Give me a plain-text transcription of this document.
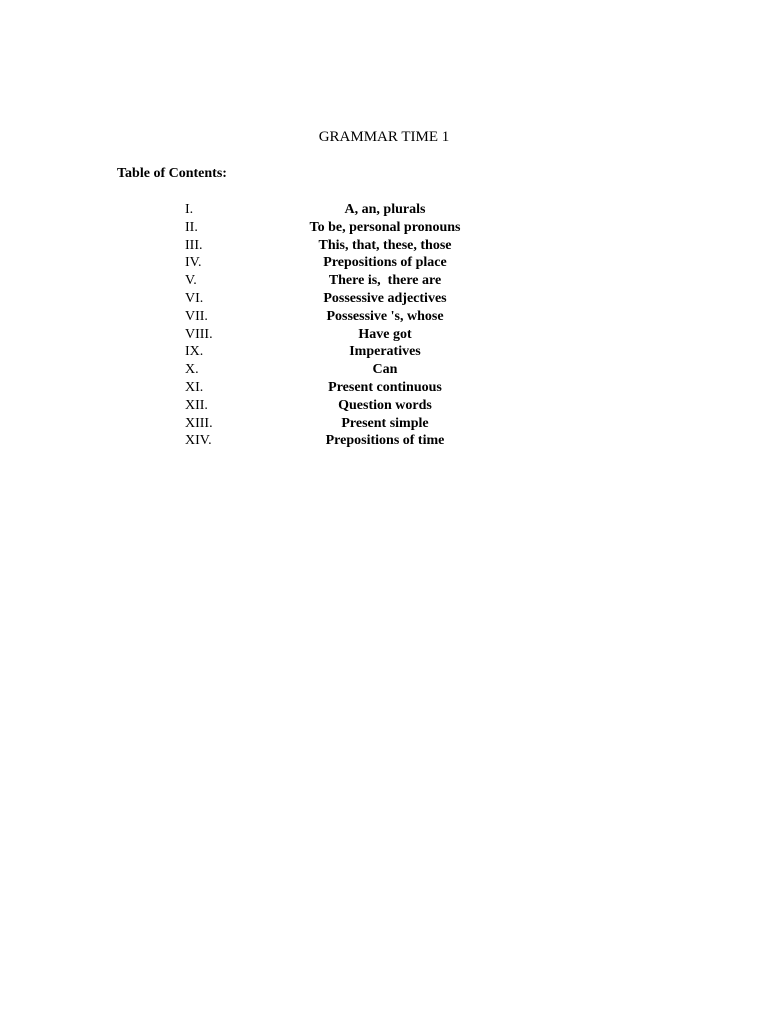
GRAMMAR TIME 1
Table of Contents:
I.	A, an, plurals
II.	To be, personal pronouns
III.	This, that, these, those
IV.	Prepositions of place
V.	There is,  there are
VI.	Possessive adjectives
VII.	Possessive 's, whose
VIII.	Have got
IX.	Imperatives
X.	Can
XI.	Present continuous
XII.	Question words
XIII.	Present simple
XIV.	Prepositions of time
